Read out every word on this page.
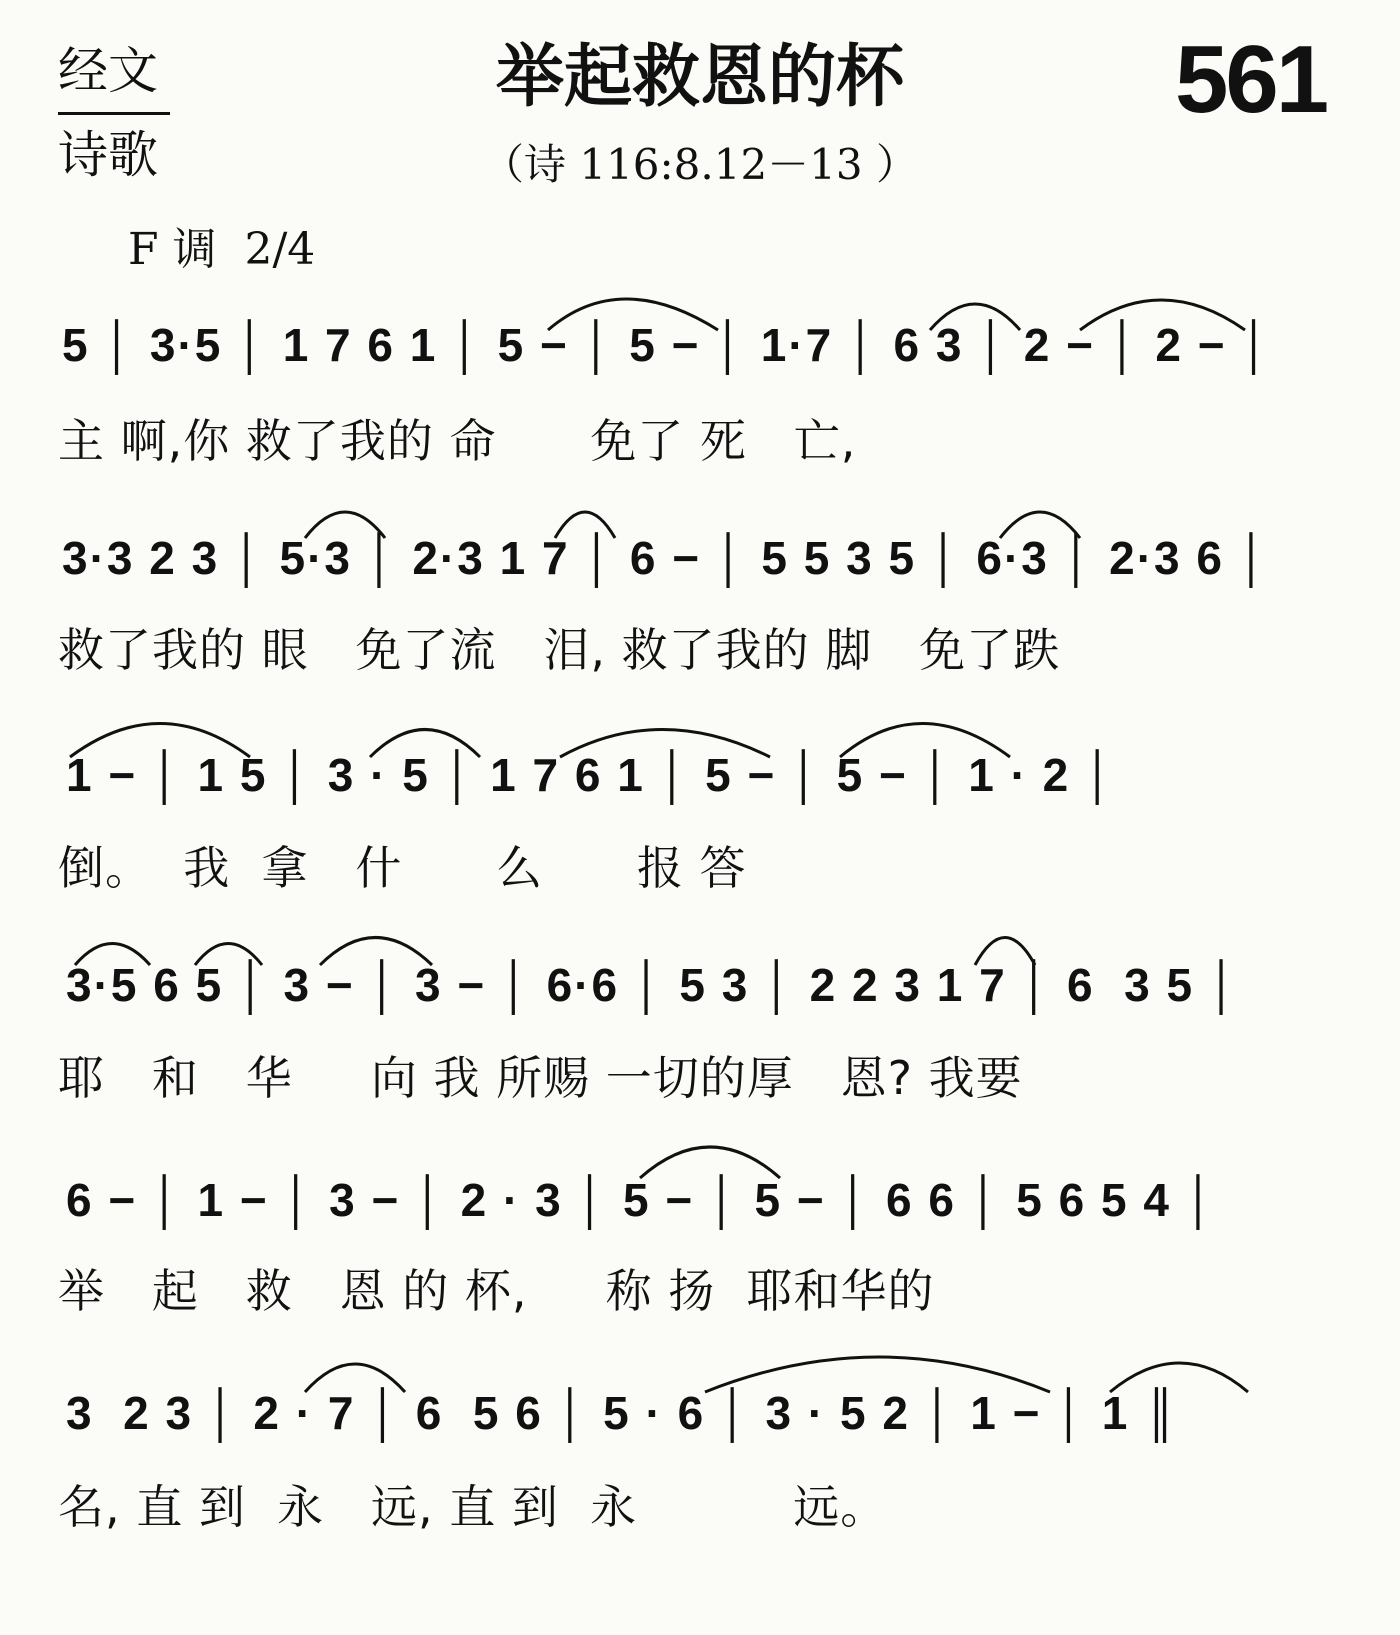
经文
诗歌
举起救恩的杯
（诗 116:8.12－13 ）
561
F 调  2/4
5 │ 3·5 │ 1 7 6 1 │ 5 − │ 5 − │ 1·7 │ 6 3 │ 2 − │ 2 − │
主 啊,你 救了我的 命      免了 死   亡,
3·3 2 3 │ 5·3 │ 2·3 1 7 │ 6 − │ 5 5 3 5 │ 6·3 │ 2·3 6 │
救了我的 眼   免了流   泪, 救了我的 脚   免了跌
1 − │ 1 5 │ 3 · 5 │ 1 7 6 1 │ 5 − │ 5 − │ 1 · 2 │
倒。  我  拿   什      么      报 答
3·5 6 5 │ 3 − │ 3 − │ 6·6 │ 5 3 │ 2 2 3 1 7 │ 6  3 5 │
耶   和   华     向 我 所赐 一切的厚   恩? 我要
6 − │ 1 − │ 3 − │ 2 · 3 │ 5 − │ 5 − │ 6 6 │ 5 6 5 4 │
举   起   救   恩 的 杯,     称 扬  耶和华的
3  2 3 │ 2 · 7 │ 6  5 6 │ 5 · 6 │ 3 · 5 2 │ 1 − │ 1 ║
名, 直 到  永   远, 直 到  永          远。
